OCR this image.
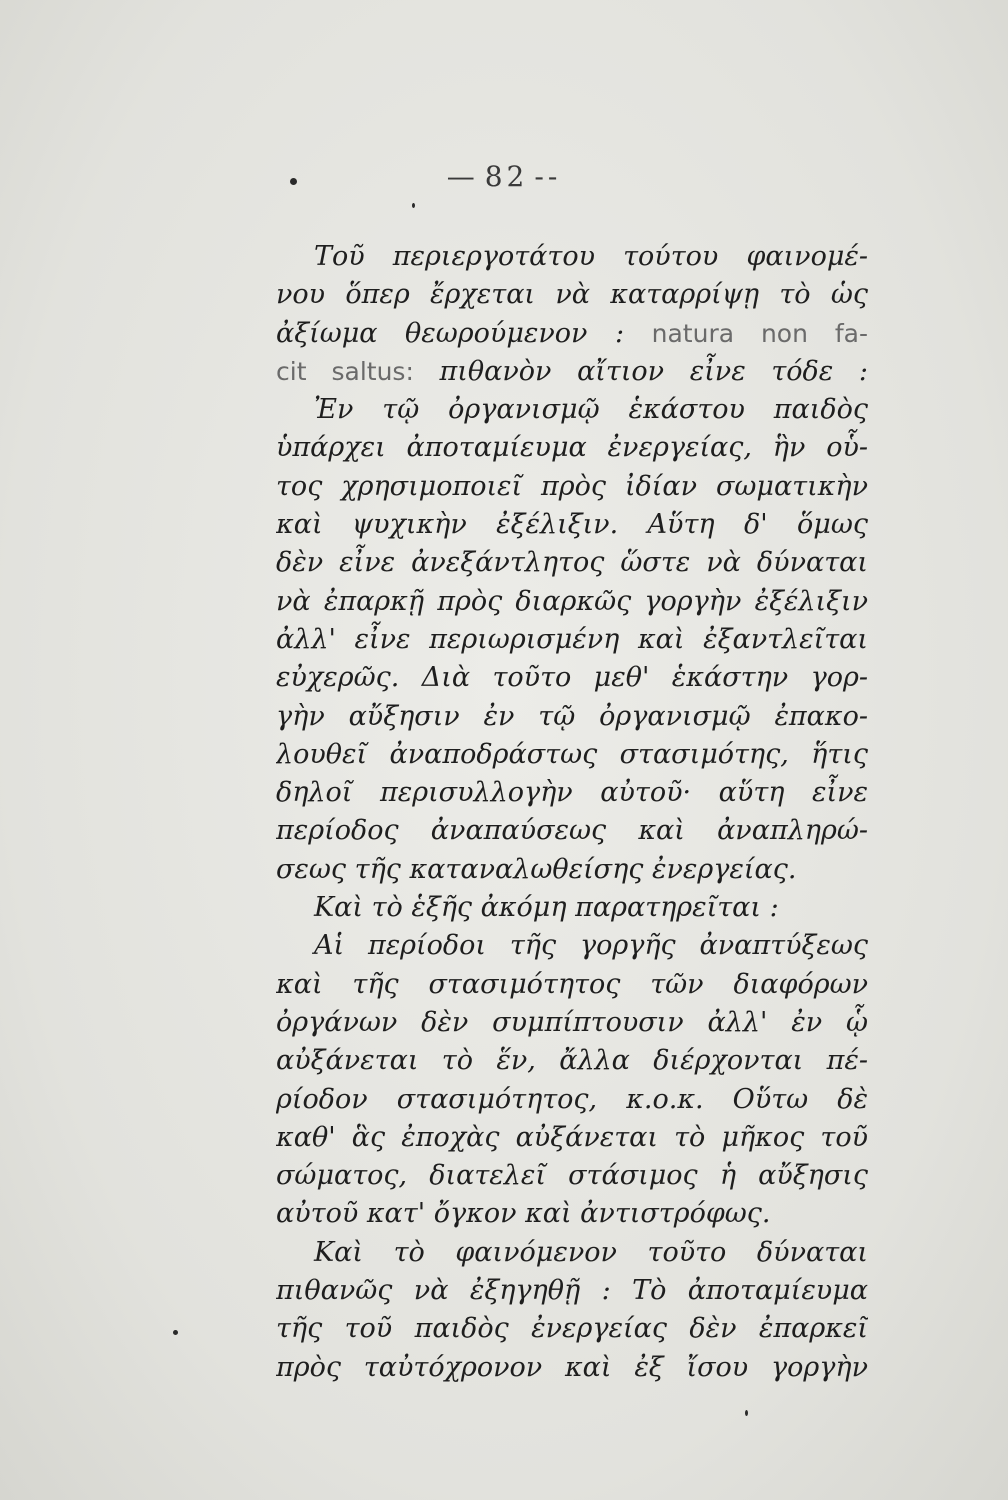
— 82 --
Τοῦ περιεργοτάτου τούτου φαινομέ-
νου ὅπερ ἔρχεται νὰ καταρρίψῃ τὸ ὡς
ἀξίωμα θεωρούμενον : natura non fa-
cit saltus: πιθανὸν αἴτιον εἶνε τόδε :
Ἐν τῷ ὀργανισμῷ ἑκάστου παιδὸς
ὑπάρχει ἀποταμίευμα ἐνεργείας, ἣν οὗ-
τος χρησιμοποιεῖ πρὸς ἰδίαν σωματικὴν
καὶ ψυχικὴν ἐξέλιξιν. Αὕτη δ' ὅμως
δὲν εἶνε ἀνεξάντλητος ὥστε νὰ δύναται
νὰ ἐπαρκῇ πρὸς διαρκῶς γοργὴν ἐξέλιξιν
ἀλλ' εἶνε περιωρισμένη καὶ ἐξαντλεῖται
εὐχερῶς. Διὰ τοῦτο μεθ' ἑκάστην γορ-
γὴν αὔξησιν ἐν τῷ ὀργανισμῷ ἐπακο-
λουθεῖ ἀναποδράστως στασιμότης, ἥτις
δηλοῖ περισυλλογὴν αὐτοῦ· αὕτη εἶνε
περίοδος ἀναπαύσεως καὶ ἀναπληρώ-
σεως τῆς καταναλωθείσης ἐνεργείας.
Καὶ τὸ ἑξῆς ἀκόμη παρατηρεῖται :
Αἱ περίοδοι τῆς γοργῆς ἀναπτύξεως
καὶ τῆς στασιμότητος τῶν διαφόρων
ὀργάνων δὲν συμπίπτουσιν ἀλλ' ἐν ᾧ
αὐξάνεται τὸ ἕν, ἄλλα διέρχονται πέ-
ρίοδον στασιμότητος, κ.ο.κ. Οὕτω δὲ
καθ' ἃς ἐποχὰς αὐξάνεται τὸ μῆκος τοῦ
σώματος, διατελεῖ στάσιμος ἡ αὔξησις
αὐτοῦ κατ' ὄγκον καὶ ἀντιστρόφως.
Καὶ τὸ φαινόμενον τοῦτο δύναται
πιθανῶς νὰ ἐξηγηθῇ : Τὸ ἀποταμίευμα
τῆς τοῦ παιδὸς ἐνεργείας δὲν ἐπαρκεῖ
πρὸς ταὐτόχρονον καὶ ἐξ ἴσου γοργὴν
